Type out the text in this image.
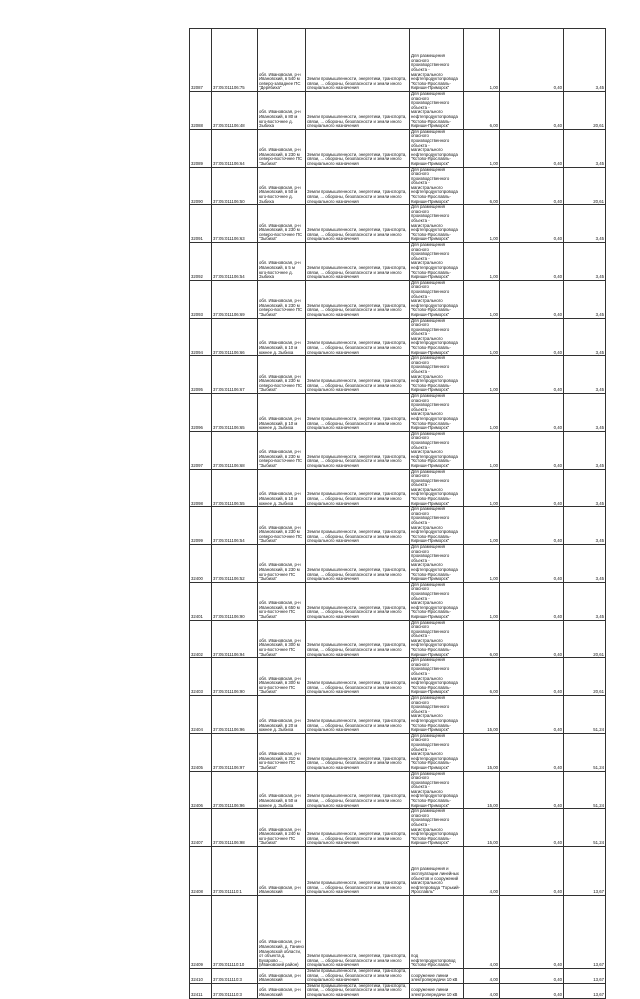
32087	37:05:011106:75	обл. Ивановская, р-н Ивановский, в 540 м северо-западнее ПС "Дерябиха"	Земли промышленности, энергетики, транспорта, связи, ... обороны, безопасности и земли иного специального назначения	Для размещения опасного производственного объекта - магистрального нефтепродуктопровода "Кстово-Ярославль-Кириши-Приморск"	1,00	0,40	3,45
32088	37:05:011106:48	обл. Ивановская, р-н Ивановский, в 80 м юго-восточнее д. Зыбиха	Земли промышленности, энергетики, транспорта, связи, ... обороны, безопасности и земли иного специального назначения	Для размещения опасного производственного объекта - магистрального нефтепродуктопровода "Кстово-Ярославль-Кириши-Приморск"	6,00	0,40	20,61
32089	37:05:011106:64	обл. Ивановская, р-н Ивановский, в 230 м северо-восточнее ПС "Зыбиха"	Земли промышленности, энергетики, транспорта, связи, ... обороны, безопасности и земли иного специального назначения	Для размещения опасного производственного объекта - магистрального нефтепродуктопровода "Кстово-Ярославль-Кириши-Приморск"	1,00	0,40	3,45
32090	37:05:011106:50	обл. Ивановская, р-н Ивановский, в 50 м юго-восточнее д. Зыбиха	Земли промышленности, энергетики, транспорта, связи, ... обороны, безопасности и земли иного специального назначения	Для размещения опасного производственного объекта - магистрального нефтепродуктопровода "Кстово-Ярославль-Кириши-Приморск"	6,00	0,40	20,61
32091	37:05:011106:63	обл. Ивановская, р-н Ивановский, в 230 м северо-восточнее ПС "Зыбиха"	Земли промышленности, энергетики, транспорта, связи, ... обороны, безопасности и земли иного специального назначения	Для размещения опасного производственного объекта - магистрального нефтепродуктопровода "Кстово-Ярославль-Кириши-Приморск"	1,00	0,40	3,45
32092	37:05:011106:54	обл. Ивановская, р-н Ивановский, в 5 м юго-восточнее д. Зыбиха	Земли промышленности, энергетики, транспорта, связи, ... обороны, безопасности и земли иного специального назначения	Для размещения опасного производственного объекта - магистрального нефтепродуктопровода "Кстово-Ярославль-Кириши-Приморск"	1,00	0,40	3,45
32093	37:05:011106:69	обл. Ивановская, р-н Ивановский, в 230 м северо-восточнее ПС "Зыбиха"	Земли промышленности, энергетики, транспорта, связи, ... обороны, безопасности и земли иного специального назначения	Для размещения опасного производственного объекта - магистрального нефтепродуктопровода "Кстово-Ярославль-Кириши-Приморск"	1,00	0,40	3,45
32094	37:05:011106:66	обл. Ивановская, р-н Ивановский, в 10 м южнее д. Зыбиха	Земли промышленности, энергетики, транспорта, связи, ... обороны, безопасности и земли иного специального назначения	Для размещения опасного производственного объекта - магистрального нефтепродуктопровода "Кстово-Ярославль-Кириши-Приморск"	1,00	0,40	3,45
32095	37:05:011106:67	обл. Ивановская, р-н Ивановский, в 230 м северо-восточнее ПС "Зыбиха"	Земли промышленности, энергетики, транспорта, связи, ... обороны, безопасности и земли иного специального назначения	Для размещения опасного производственного объекта - магистрального нефтепродуктопровода "Кстово-Ярославль-Кириши-Приморск"	1,00	0,40	3,45
32096	37:05:011106:65	обл. Ивановская, р-н Ивановский, в 10 м южнее д. Зыбиха	Земли промышленности, энергетики, транспорта, связи, ... обороны, безопасности и земли иного специального назначения	Для размещения опасного производственного объекта - магистрального нефтепродуктопровода "Кстово-Ярославль-Кириши-Приморск"	1,00	0,40	3,45
32097	37:05:011106:68	обл. Ивановская, р-н Ивановский, в 230 м северо-восточнее ПС "Зыбиха"	Земли промышленности, энергетики, транспорта, связи, ... обороны, безопасности и земли иного специального назначения	Для размещения опасного производственного объекта - магистрального нефтепродуктопровода "Кстово-Ярославль-Кириши-Приморск"	1,00	0,40	3,45
32098	37:05:011106:55	обл. Ивановская, р-н Ивановский, в 10 м южнее д. Зыбиха	Земли промышленности, энергетики, транспорта, связи, ... обороны, безопасности и земли иного специального назначения	Для размещения опасного производственного объекта - магистрального нефтепродуктопровода "Кстово-Ярославль-Кириши-Приморск"	1,00	0,40	3,45
32099	37:05:011106:54	обл. Ивановская, р-н Ивановский, в 230 м северо-восточнее ПС "Зыбиха"	Земли промышленности, энергетики, транспорта, связи, ... обороны, безопасности и земли иного специального назначения	Для размещения опасного производственного объекта - магистрального нефтепродуктопровода "Кстово-Ярославль-Кириши-Приморск"	1,00	0,40	3,45
32400	37:05:011106:52	обл. Ивановская, р-н Ивановский, в 230 м юго-восточнее ПС "Зыбиха"	Земли промышленности, энергетики, транспорта, связи, ... обороны, безопасности и земли иного специального назначения	Для размещения опасного производственного объекта - магистрального нефтепродуктопровода "Кстово-Ярославль-Кириши-Приморск"	1,00	0,40	3,45
32401	37:05:011106:90	обл. Ивановская, р-н Ивановский, в 650 м юго-восточнее ПС "Зыбиха"	Земли промышленности, энергетики, транспорта, связи, ... обороны, безопасности и земли иного специального назначения	Для размещения опасного производственного объекта - магистрального нефтепродуктопровода "Кстово-Ярославль-Кириши-Приморск"	1,00	0,40	3,45
32402	37:05:011106:94	обл. Ивановская, р-н Ивановский, в 300 м юго-восточнее ПС "Зыбиха"	Земли промышленности, энергетики, транспорта, связи, ... обороны, безопасности и земли иного специального назначения	Для размещения опасного производственного объекта - магистрального нефтепродуктопровода "Кстово-Ярославль-Кириши-Приморск"	6,00	0,40	20,61
32403	37:05:011106:90	обл. Ивановская, р-н Ивановский, в 300 м юго-восточнее ПС "Зыбиха"	Земли промышленности, энергетики, транспорта, связи, ... обороны, безопасности и земли иного специального назначения	Для размещения опасного производственного объекта - магистрального нефтепродуктопровода "Кстово-Ярославль-Кириши-Приморск"	6,00	0,40	20,61
32404	37:05:011106:96	обл. Ивановская, р-н Ивановский, в 20 м южнее д. Зыбиха	Земли промышленности, энергетики, транспорта, связи, ... обороны, безопасности и земли иного специального назначения	Для размещения опасного производственного объекта - магистрального нефтепродуктопровода "Кстово-Ярославль-Кириши-Приморск"	15,00	0,40	51,24
32405	37:05:011106:97	обл. Ивановская, р-н Ивановский, в 310 м юго-восточнее ПС "Зыбиха"	Земли промышленности, энергетики, транспорта, связи, ... обороны, безопасности и земли иного специального назначения	Для размещения опасного производственного объекта - магистрального нефтепродуктопровода "Кстово-Ярославль-Кириши-Приморск"	15,00	0,40	51,24
32406	37:05:011106:96	обл. Ивановская, р-н Ивановский, в 50 м южнее д. Зыбиха	Земли промышленности, энергетики, транспорта, связи, ... обороны, безопасности и земли иного специального назначения	Для размещения опасного производственного объекта - магистрального нефтепродуктопровода "Кстово-Ярославль-Кириши-Приморск"	15,00	0,40	51,24
32407	37:05:011106:98	обл. Ивановская, р-н Ивановский, в 240 м юго-восточнее ПС "Зыбиха"	Земли промышленности, энергетики, транспорта, связи, ... обороны, безопасности и земли иного специального назначения	Для размещения опасного производственного объекта - магистрального нефтепродуктопровода "Кстово-Ярославль-Кириши-Приморск"	15,00	0,40	51,24
32408	37:05:011110:1	обл. Ивановская, р-н Ивановский	Земли промышленности, энергетики, транспорта, связи, ... обороны, безопасности и земли иного специального назначения	Для размещения и эксплуатации линейных объектов и сооружений магистрального нефтепровода "Горький-Ярославль"	4,00	0,40	13,67
32409	37:05:011110:10	обл. Ивановская, р-н Ивановский, д. Ганино Ивановской области, от объекта д. Бухарово ... (Ивановский район)	Земли промышленности, энергетики, транспорта, связи, ... обороны, безопасности и земли иного специального назначения	под нефтепродуктопровод "Кстово-Ярославль"	4,00	0,40	13,67
32410	37:05:011110:3	обл. Ивановская, р-н Ивановский	Земли промышленности, энергетики, транспорта, связи, ... обороны, безопасности и земли иного специального назначения	сооружение линии электропередачи 10 кВ	4,00	0,40	13,67
32411	37:05:011110:3	обл. Ивановская, р-н Ивановский	Земли промышленности, энергетики, транспорта, связи, ... обороны, безопасности и земли иного специального назначения	сооружение линии электропередачи 10 кВ	4,00	0,40	13,67
